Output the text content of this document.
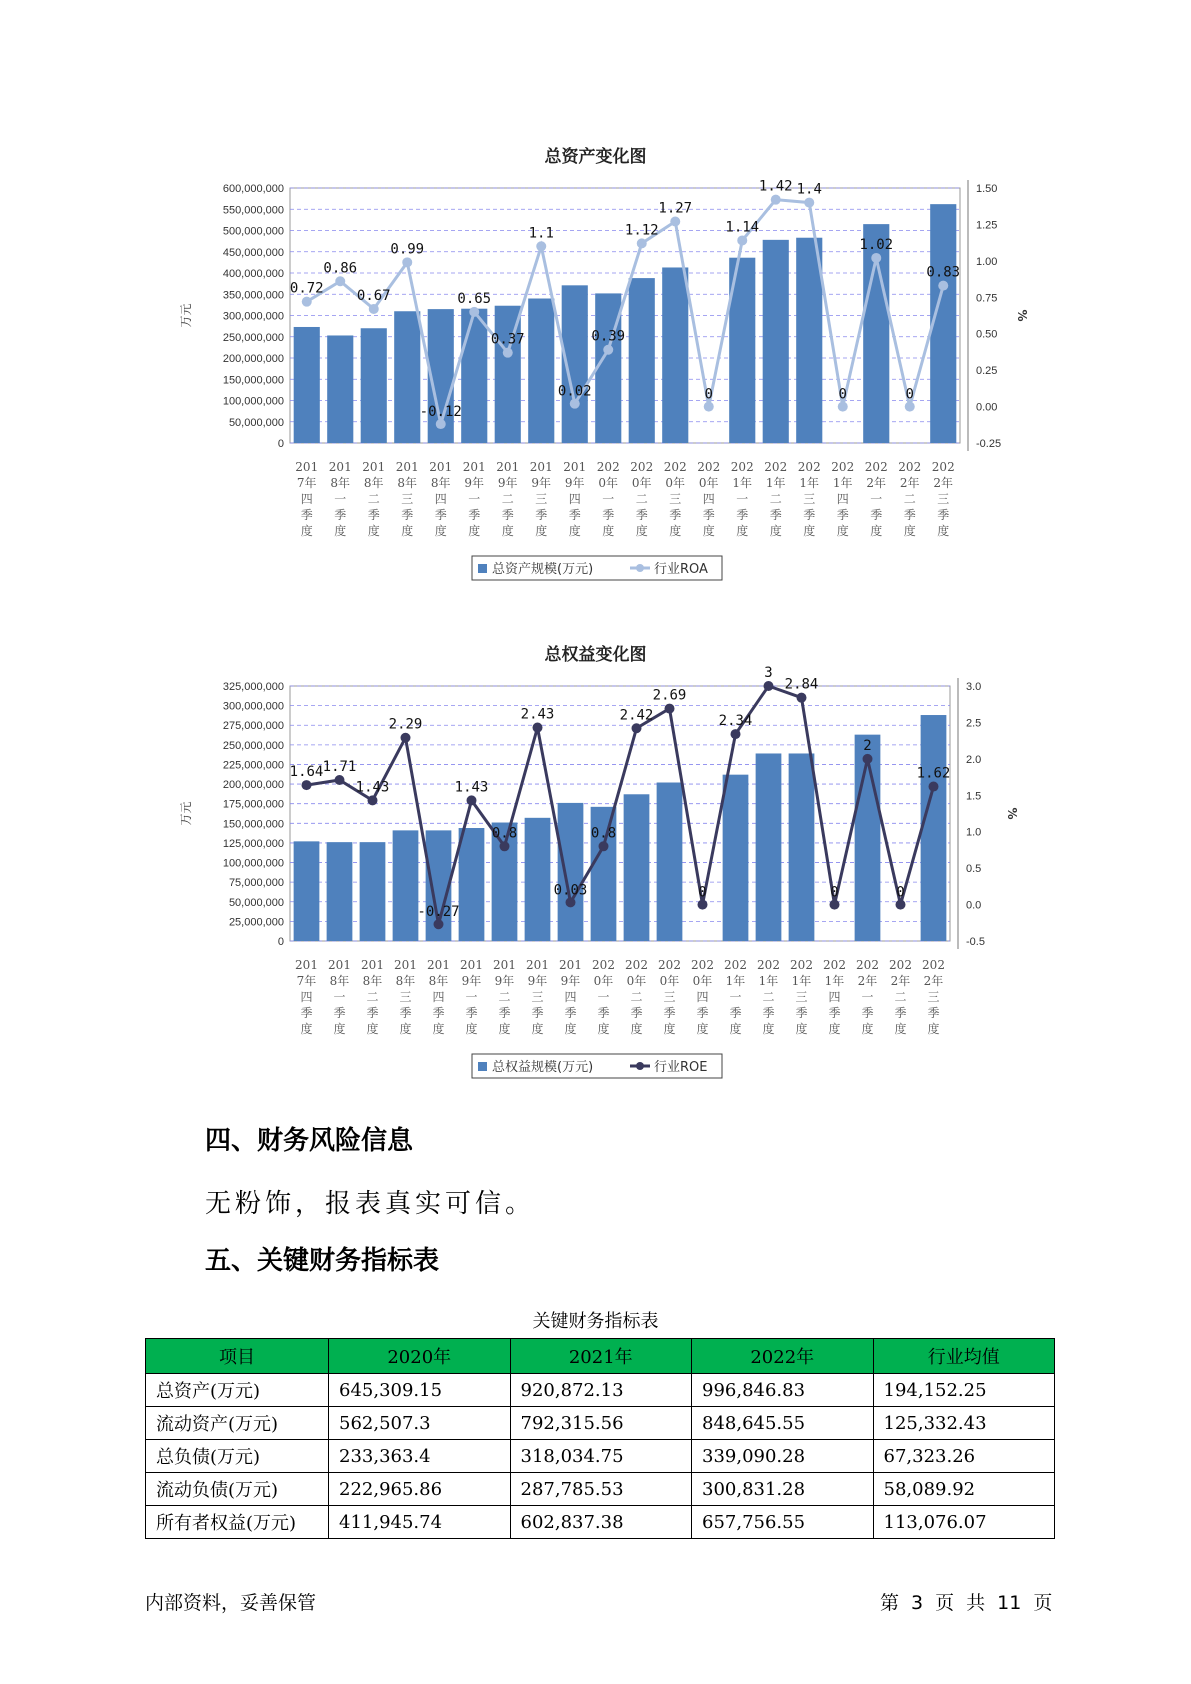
总资产变化图
0
50,000,000
100,000,000
150,000,000
200,000,000
250,000,000
300,000,000
350,000,000
400,000,000
450,000,000
500,000,000
550,000,000
600,000,000
-0.25
0.00
0.25
0.50
0.75
1.00
1.25
1.50
万元	%
0.72
0.86
0.67
0.99
-0.12
0.65
0.37
1.1
0.02
0.39
1.12
1.27
0
1.14
1.42 1.4
0
1.02
0
0.83
201 7年四季度
201 8年一季度
201 8年二季度
201 8年三季度
201 8年四季度
201 9年一季度
201 9年二季度
201 9年三季度
201 9年四季度
202 0年一季度
202 0年二季度
202 0年三季度
202 0年四季度
202 1年一季度
202 1年二季度
202 1年三季度
202 1年四季度
202 2年一季度
202 2年二季度
202 2年三季度
总资产规模(万元)	行业ROA
总权益变化图
0
25,000,000
50,000,000
75,000,000
100,000,000
125,000,000
150,000,000
175,000,000
200,000,000
225,000,000
250,000,000
275,000,000
300,000,000
325,000,000
-0.5
0.0
0.5
1.0
1.5
2.0
2.5
3.0
万元	%
1.64 1.71
1.43
2.29
-0.27
1.43
0.8
2.43
0.03
0.8
2.42
2.69
0
2.34
3
2.84
0
2
0
1.62
201 7年四季度
201 8年一季度
201 8年二季度
201 8年三季度
201 8年四季度
201 9年一季度
201 9年二季度
201 9年三季度
201 9年四季度
202 0年一季度
202 0年二季度
202 0年三季度
202 0年四季度
202 1年一季度
202 1年二季度
202 1年三季度
202 1年四季度
202 2年一季度
202 2年二季度
202 2年三季度
总权益规模(万元)	行业ROE
四、财务风险信息
无粉饰，报表真实可信。
五、关键财务指标表
关键财务指标表
项目	2020年	2021年	2022年	行业均值
总资产(万元)	645,309.15	920,872.13	996,846.83	194,152.25
流动资产(万元)	562,507.3	792,315.56	848,645.55	125,332.43
总负债(万元)	233,363.4	318,034.75	339,090.28	67,323.26
流动负债(万元)	222,965.86	287,785.53	300,831.28	58,089.92
所有者权益(万元)	411,945.74	602,837.38	657,756.55	113,076.07
内部资料，妥善保管	第 3 页 共 11 页
